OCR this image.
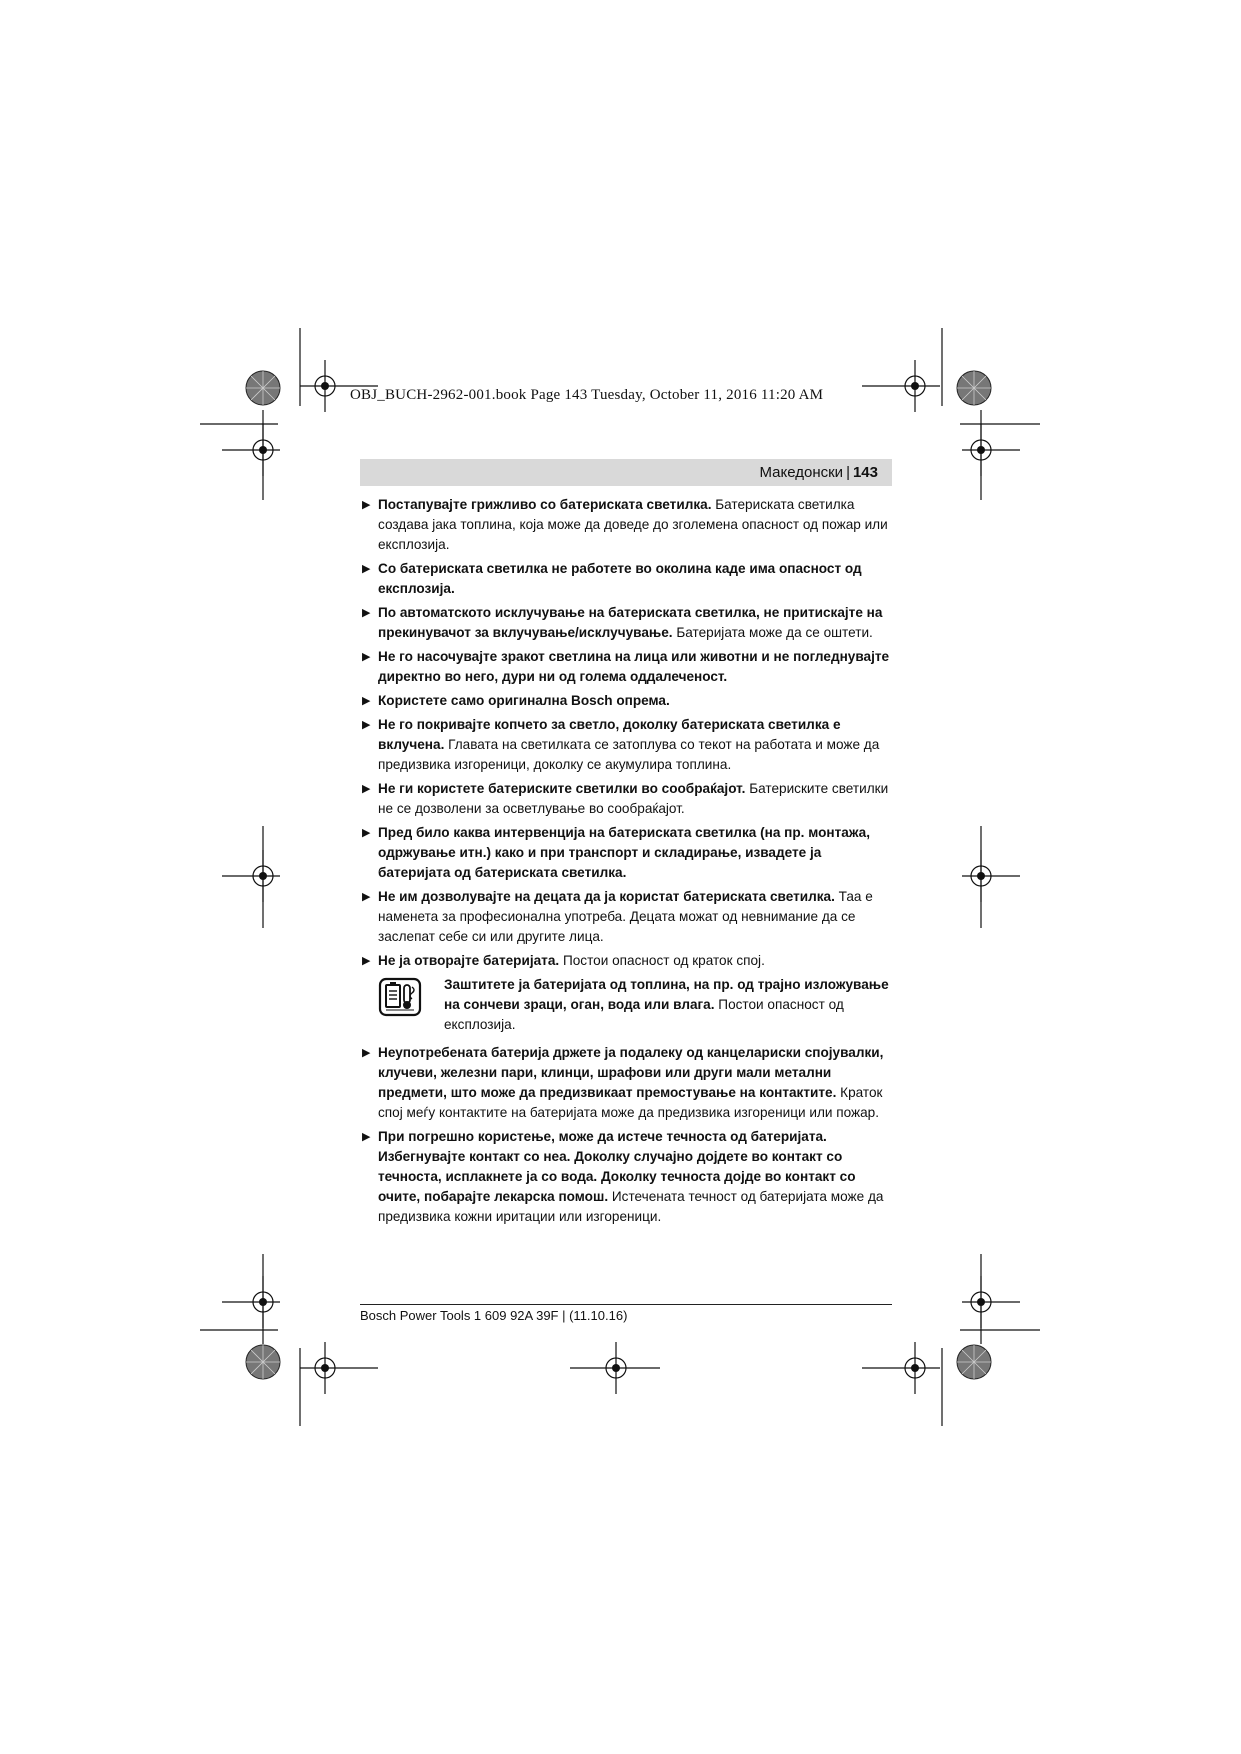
OBJ_BUCH-2962-001.book Page 143 Tuesday, October 11, 2016 11:20 AM
Македонски | 143
▶ Постапувајте грижливо со батериската светилка. Батериската светилка создава јака топлина, која може да доведе до зголемена опасност од пожар или експлозија.
▶ Со батериската светилка не работете во околина каде има опасност од експлозија.
▶ По автоматското исклучување на батериската светилка, не притискајте на прекинувачот за вклучување/исклучување. Батеријата може да се оштети.
▶ Не го насочувајте зракот светлина на лица или животни и не погледнувајте директно во него, дури ни од голема оддалеченост.
▶ Користете само оригинална Bosch опрема.
▶ Не го покривајте копчето за светло, доколку батериската светилка е вклучена. Главата на светилката се затоплува со текот на работата и може да предизвика изгореници, доколку се акумулира топлина.
▶ Не ги користете батериските светилки во сообраќајот. Батериските светилки не се дозволени за осветлување во сообраќајот.
▶ Пред било каква интервенција на батериската светилка (на пр. монтажа, одржување итн.) како и при транспорт и складирање, извадете ја батеријата од батериската светилка.
▶ Не им дозволувајте на децата да ја користат батериската светилка. Таа е наменета за професионална употреба. Децата можат од невнимание да се заслепат себе си или другите лица.
▶ Не ја отворајте батеријата. Постои опасност од краток спој.
Заштитете ја батеријата од топлина, на пр. од трајно изложување на сончеви зраци, оган, вода или влага. Постои опасност од експлозија.
▶ Неупотребената батерија држете ја подалеку од канцелариски спојувалки, клучеви, железни пари, клинци, шрафови или други мали метални предмети, што може да предизвикаат премостување на контактите. Краток спој меѓу контактите на батеријата може да предизвика изгореници или пожар.
▶ При погрешно користење, може да истече течноста од батеријата. Избегнувајте контакт со неа. Доколку случајно дојдете во контакт со течноста, исплакнете ја со вода. Доколку течноста дојде во контакт со очите, побарајте лекарска помош. Истечената течност од батеријата може да предизвика кожни иритации или изгореници.
Bosch Power Tools 1 609 92A 39F | (11.10.16)
